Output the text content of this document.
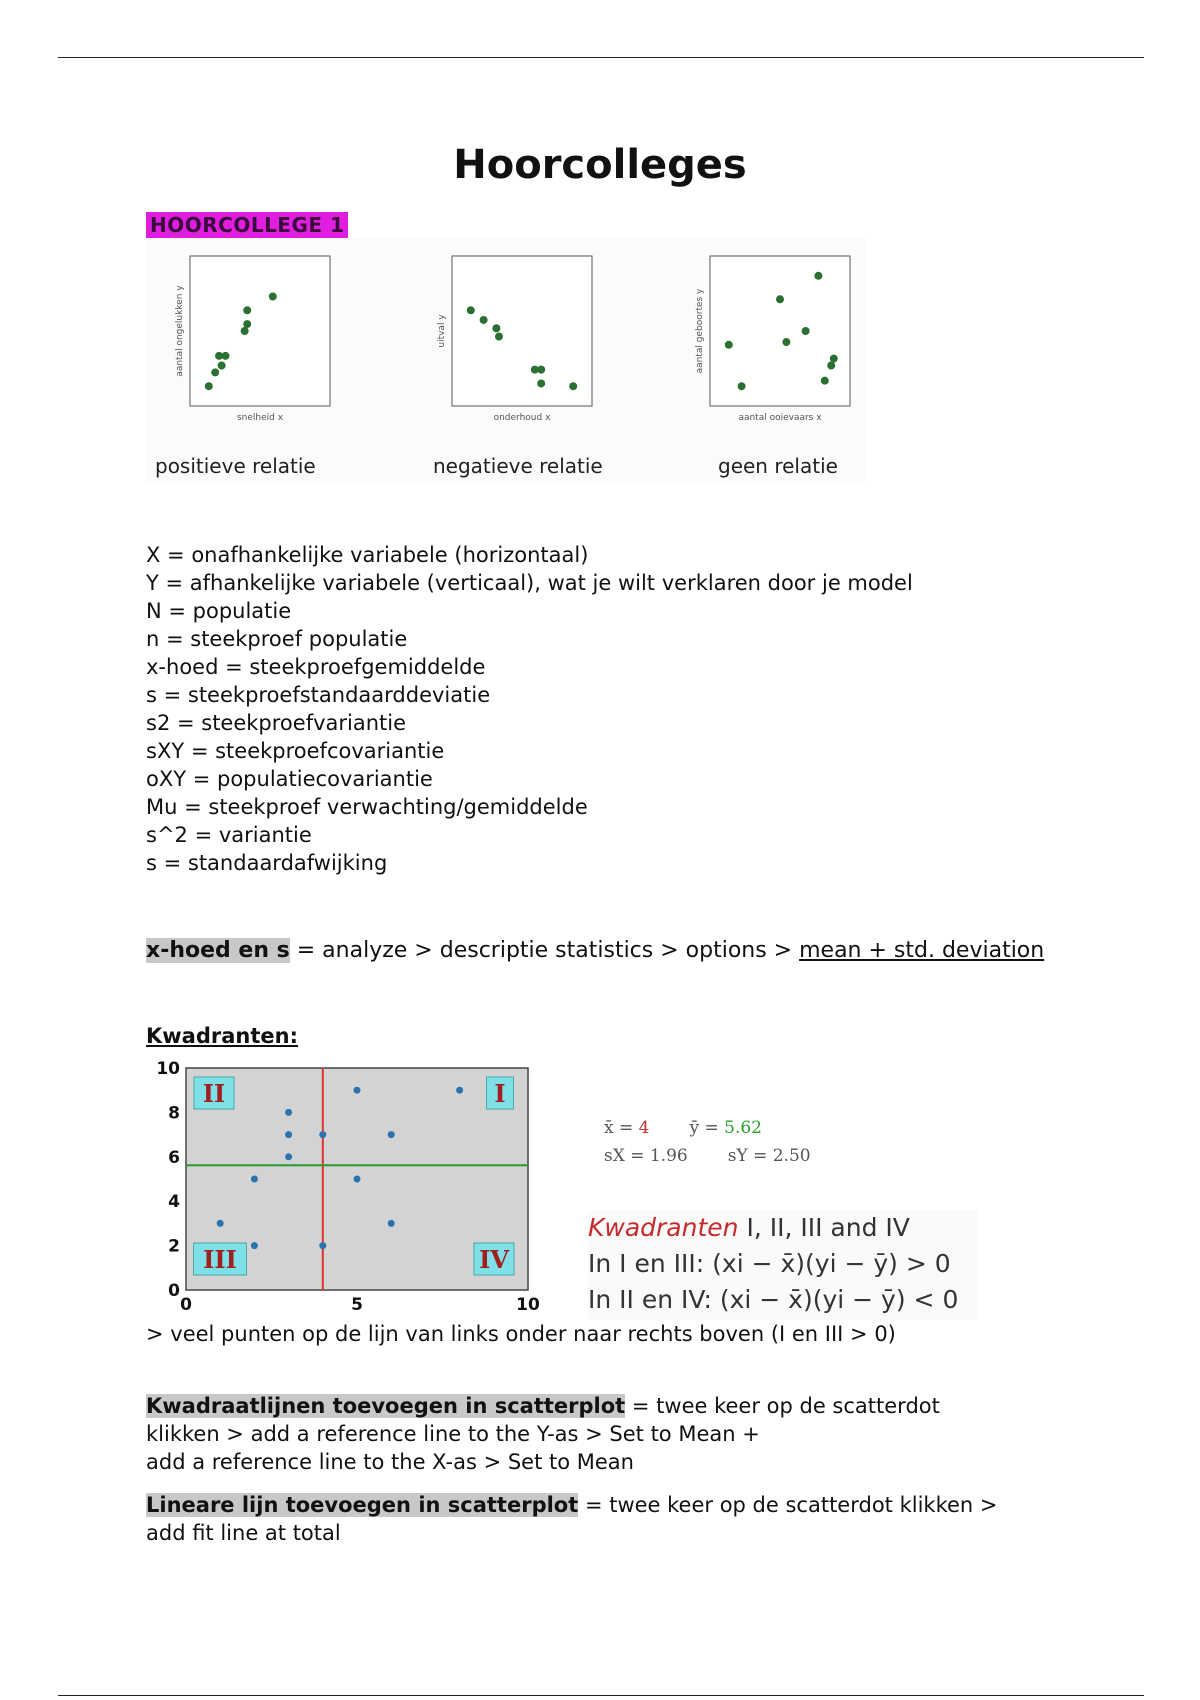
Hoorcolleges
HOORCOLLEGE 1
snelheid x
aantal ongelukken y
onderhoud x
uitval y
aantal ooievaars x
aantal geboortes y
positieve relatie	negatieve relatie	geen relatie
X = onafhankelijke variabele (horizontaal)
Y = afhankelijke variabele (verticaal), wat je wilt verklaren door je model
N = populatie
n = steekproef populatie
x-hoed = steekproefgemiddelde
s = steekproefstandaarddeviatie
s2 = steekproefvariantie
sXY = steekproefcovariantie
oXY = populatiecovariantie
Mu = steekproef verwachting/gemiddelde
s^2 = variantie
s = standaardafwijking
x-hoed en s = analyze > descriptie statistics > options > mean + std. deviation
Kwadranten:
0
2
4
6
8
10
0	5	10
I
II
III	IV
x̄ = 4 ȳ = 5.62
sX = 1.96 sY = 2.50
Kwadranten I, II, III and IV
In I en III: (xi − x̄)(yi − ȳ) > 0
In II en IV: (xi − x̄)(yi − ȳ) < 0
> veel punten op de lijn van links onder naar rechts boven (I en III > 0)
Kwadraatlijnen toevoegen in scatterplot = twee keer op de scatterdot
klikken > add a reference line to the Y-as > Set to Mean +
add a reference line to the X-as > Set to Mean
Lineare lijn toevoegen in scatterplot = twee keer op de scatterdot klikken >
add fit line at total
